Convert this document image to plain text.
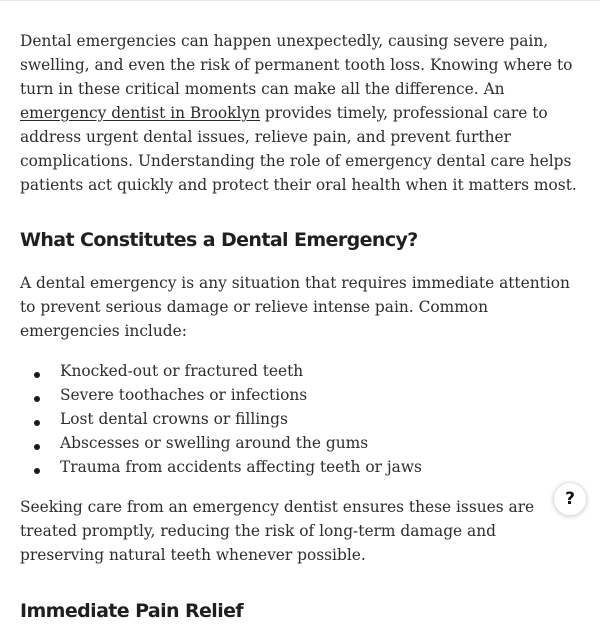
Dental emergencies can happen unexpectedly, causing severe pain, swelling, and even the risk of permanent tooth loss. Knowing where to turn in these critical moments can make all the difference. An emergency dentist in Brooklyn provides timely, professional care to address urgent dental issues, relieve pain, and prevent further complications. Understanding the role of emergency dental care helps patients act quickly and protect their oral health when it matters most.

What Constitutes a Dental Emergency?

A dental emergency is any situation that requires immediate attention to prevent serious damage or relieve intense pain. Common emergencies include:

Knocked-out or fractured teeth
Severe toothaches or infections
Lost dental crowns or fillings
Abscesses or swelling around the gums
Trauma from accidents affecting teeth or jaws

Seeking care from an emergency dentist ensures these issues are treated promptly, reducing the risk of long-term damage and preserving natural teeth whenever possible.

Immediate Pain Relief
?
